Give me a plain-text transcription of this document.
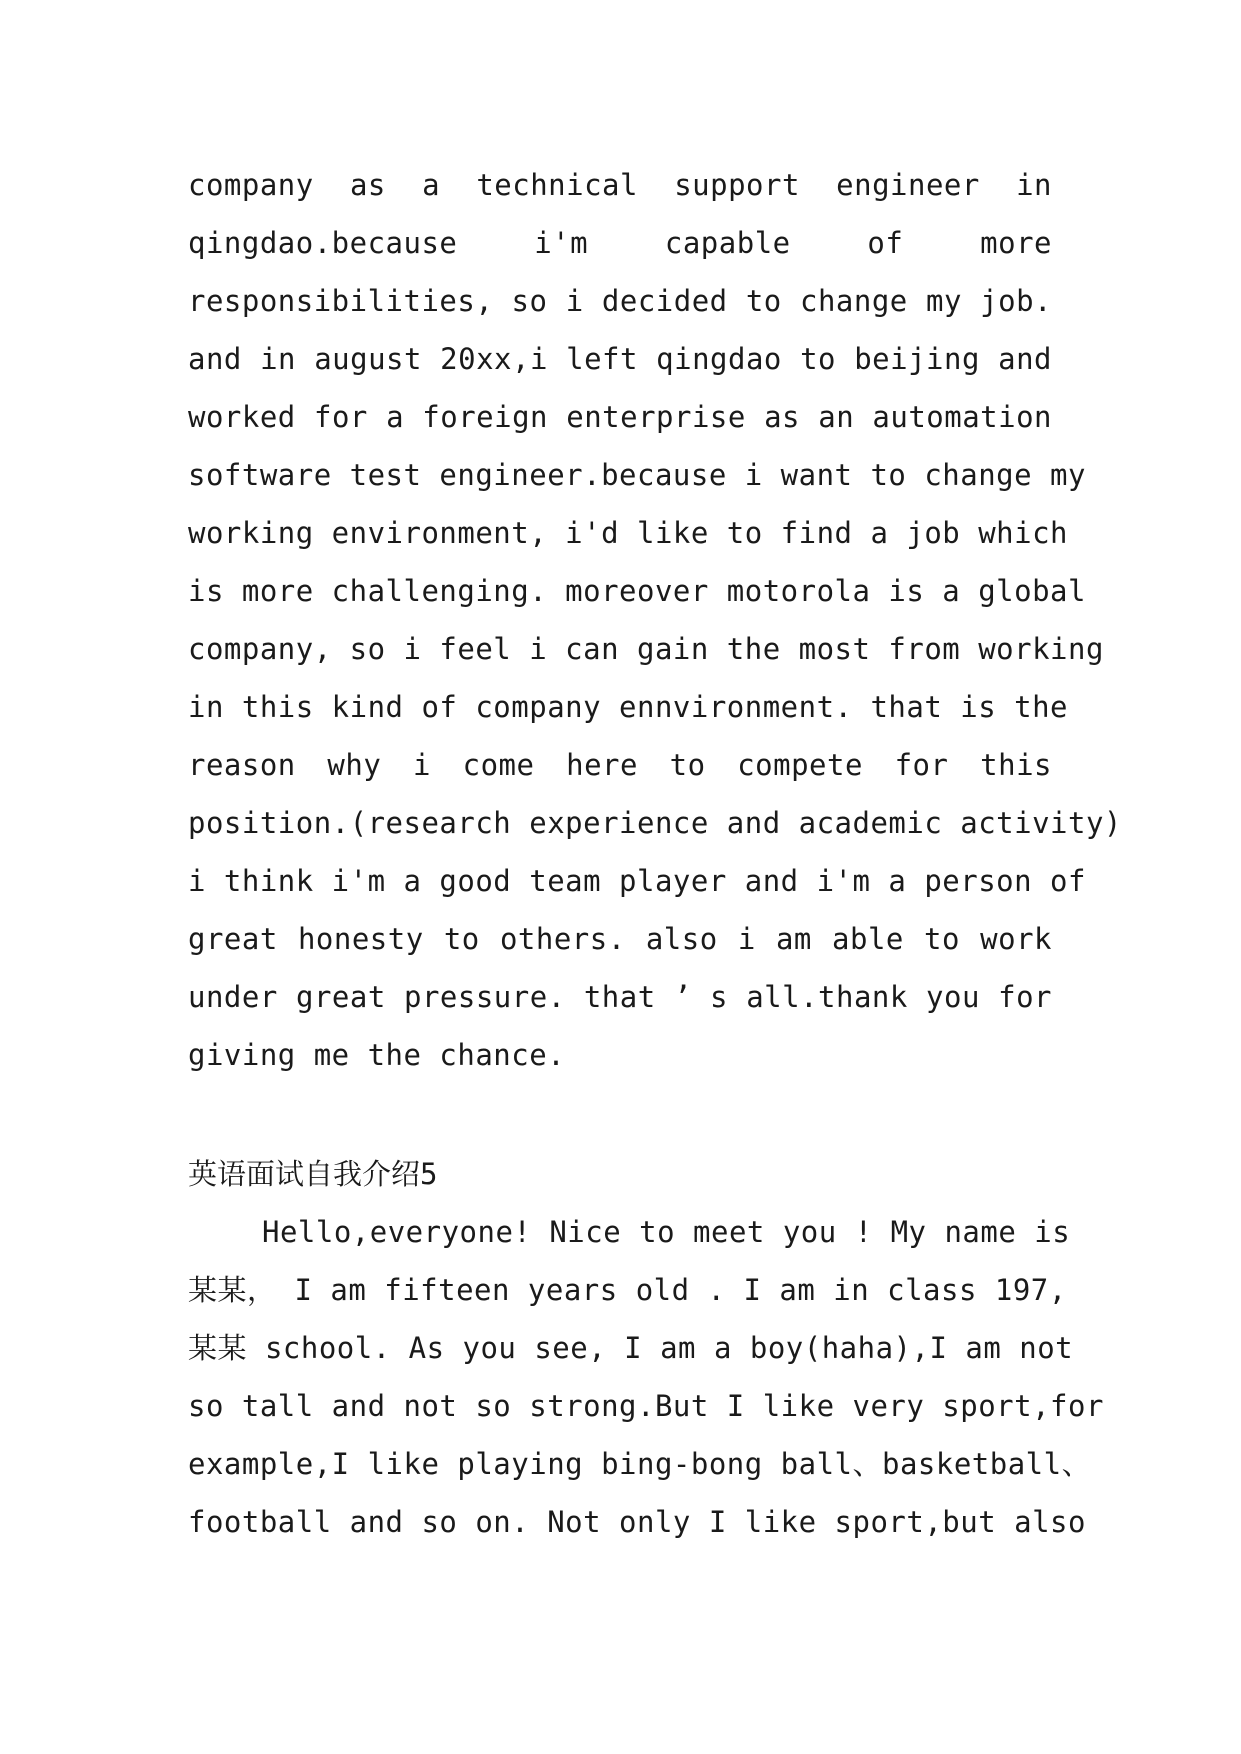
company as a technical support engineer in
qingdao.because i'm capable of more
responsibilities, so i decided to change my job.
and in august 20xx,i left qingdao to beijing and
worked for a foreign enterprise as an automation
software test engineer.because i want to change my
working environment, i'd like to find a job which
is more challenging. moreover motorola is a global
company, so i feel i can gain the most from working
in this kind of company ennvironment. that is the
reason why i come here to compete for this
position.(research experience and academic activity)
i think i'm a good team player and i'm a person of
great honesty to others. also i am able to work
under great pressure. that ’ s all.thank you for
giving me the chance.
英语面试自我介绍5
Hello,everyone! Nice to meet you ! My name is
某某， I am fifteen years old . I am in class 197,
某某 school. As you see, I am a boy(haha),I am not
so tall and not so strong.But I like very sport,for
example,I like playing bing-bong ball、basketball、
football and so on. Not only I like sport,but also
